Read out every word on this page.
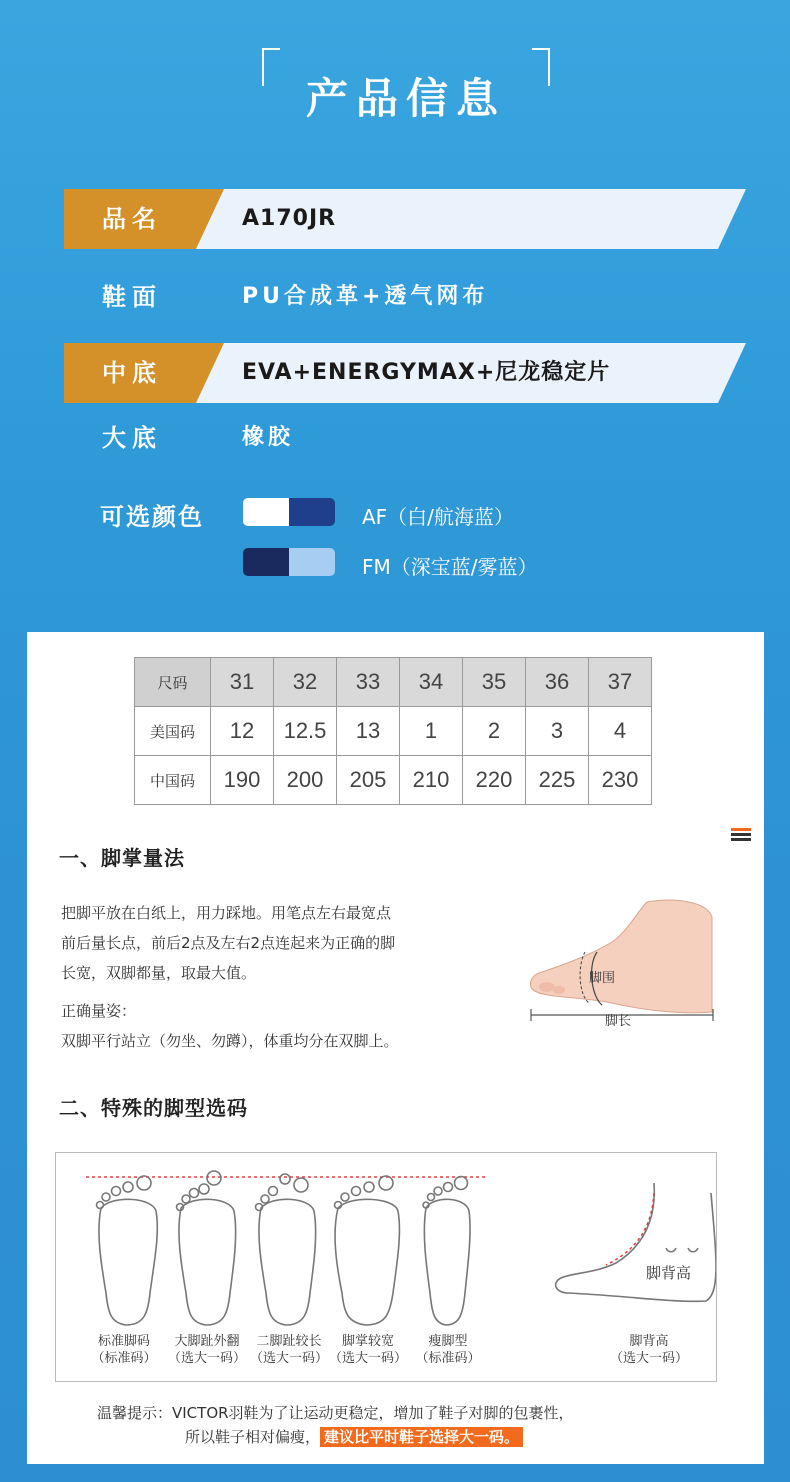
产品信息
品名	A170JR
鞋面	PU合成革+透气网布
中底	EVA+ENERGYMAX+尼龙稳定片
大底	橡胶
可选颜色	AF（白/航海蓝）
FM（深宝蓝/雾蓝）
尺码	31	32	33	34	35	36	37
美国码	12	12.5	13	1	2	3	4
中国码	190	200	205	210	220	225	230
一、脚掌量法
把脚平放在白纸上，用力踩地。用笔点左右最宽点
前后量长点，前后2点及左右2点连起来为正确的脚
长宽，双脚都量，取最大值。
正确量姿：
双脚平行站立（勿坐、勿蹲），体重均分在双脚上。
脚围
脚长
二、特殊的脚型选码
脚背高
标准脚码
（标准码）
大脚趾外翻
（选大一码）
二脚趾较长
（选大一码）
脚掌较宽
（选大一码）
瘦脚型
（标准码）
脚背高
（选大一码）
温馨提示：VICTOR羽鞋为了让运动更稳定，增加了鞋子对脚的包裹性，
所以鞋子相对偏瘦， 建议比平时鞋子选择大一码。
